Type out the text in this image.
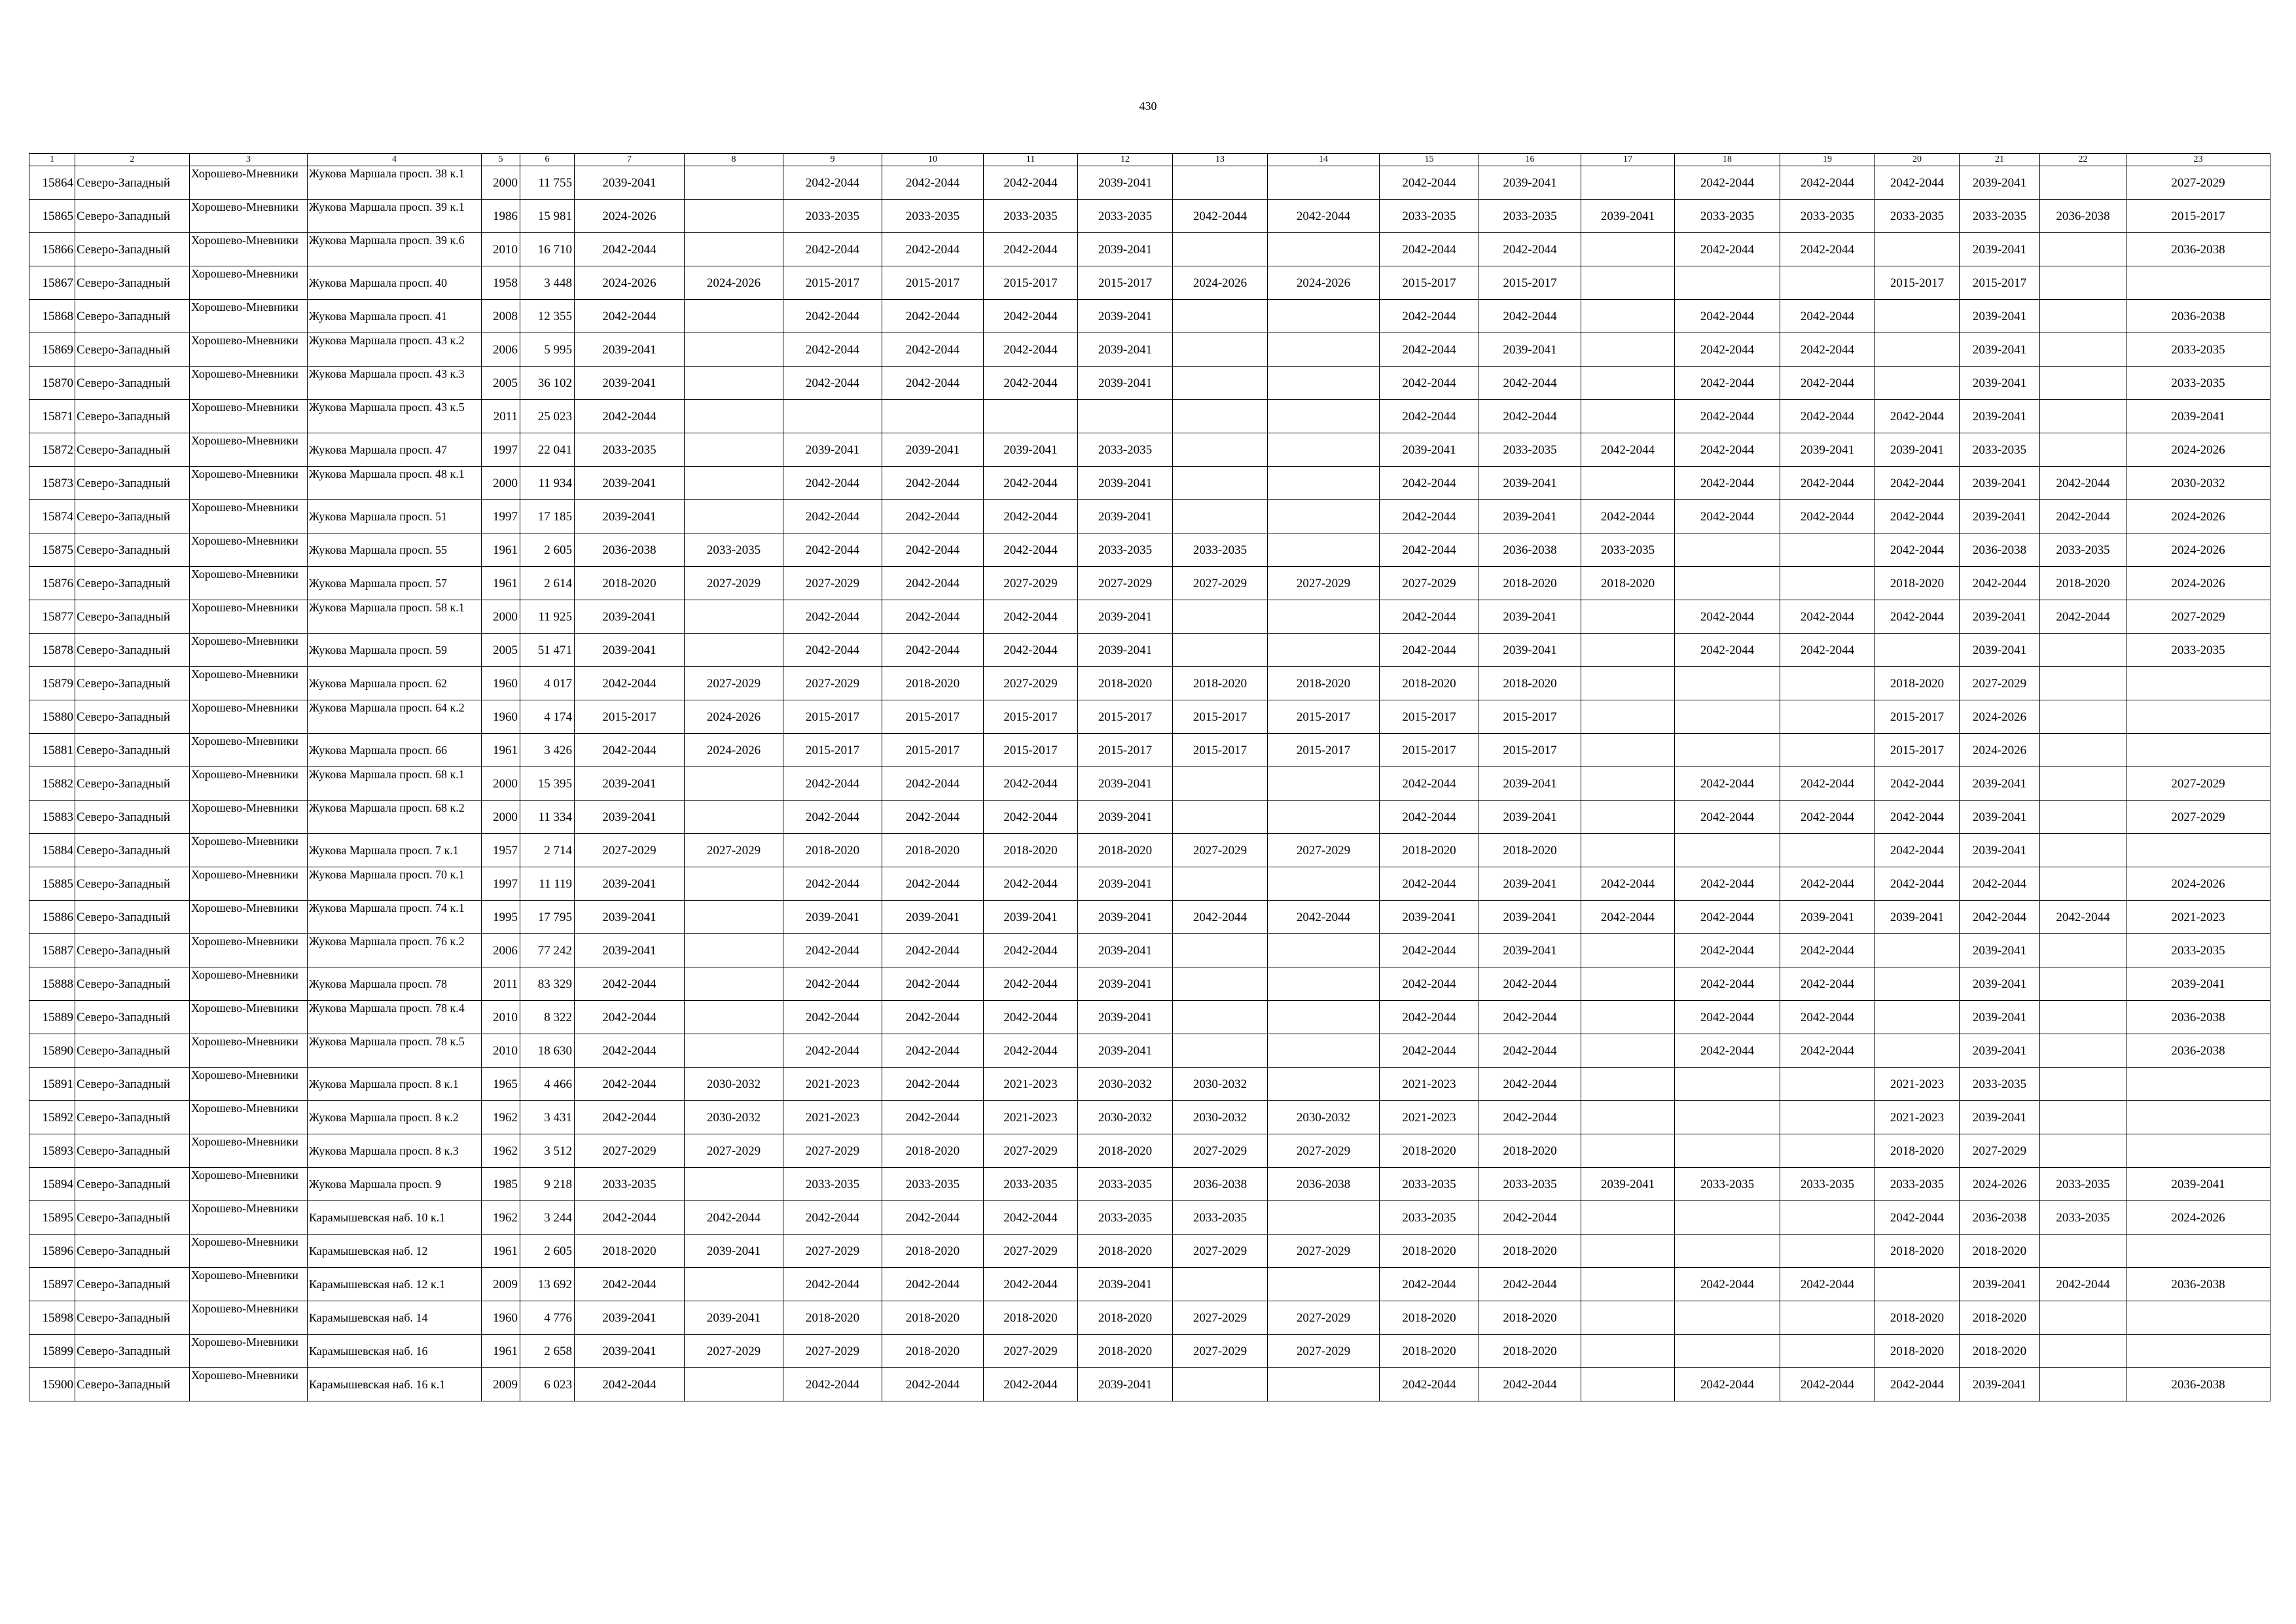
430
1	2	3	4	5	6	7	8	9	10	11	12	13	14	15	16	17	18	19	20	21	22	23
15864	Северо-Западный	Хорошево-Мневники	Жукова Маршала просп. 38 к.1	2000	11 755	2039-2041		2042-2044	2042-2044	2042-2044	2039-2041			2042-2044	2039-2041		2042-2044	2042-2044	2042-2044	2039-2041		2027-2029
15865	Северо-Западный	Хорошево-Мневники	Жукова Маршала просп. 39 к.1	1986	15 981	2024-2026		2033-2035	2033-2035	2033-2035	2033-2035	2042-2044	2042-2044	2033-2035	2033-2035	2039-2041	2033-2035	2033-2035	2033-2035	2033-2035	2036-2038	2015-2017
15866	Северо-Западный	Хорошево-Мневники	Жукова Маршала просп. 39 к.6	2010	16 710	2042-2044		2042-2044	2042-2044	2042-2044	2039-2041			2042-2044	2042-2044		2042-2044	2042-2044		2039-2041		2036-2038
15867	Северо-Западный	Хорошево-Мневники	Жукова Маршала просп. 40	1958	3 448	2024-2026	2024-2026	2015-2017	2015-2017	2015-2017	2015-2017	2024-2026	2024-2026	2015-2017	2015-2017				2015-2017	2015-2017		
15868	Северо-Западный	Хорошево-Мневники	Жукова Маршала просп. 41	2008	12 355	2042-2044		2042-2044	2042-2044	2042-2044	2039-2041			2042-2044	2042-2044		2042-2044	2042-2044		2039-2041		2036-2038
15869	Северо-Западный	Хорошево-Мневники	Жукова Маршала просп. 43 к.2	2006	5 995	2039-2041		2042-2044	2042-2044	2042-2044	2039-2041			2042-2044	2039-2041		2042-2044	2042-2044		2039-2041		2033-2035
15870	Северо-Западный	Хорошево-Мневники	Жукова Маршала просп. 43 к.3	2005	36 102	2039-2041		2042-2044	2042-2044	2042-2044	2039-2041			2042-2044	2042-2044		2042-2044	2042-2044		2039-2041		2033-2035
15871	Северо-Западный	Хорошево-Мневники	Жукова Маршала просп. 43 к.5	2011	25 023	2042-2044								2042-2044	2042-2044		2042-2044	2042-2044	2042-2044	2039-2041		2039-2041
15872	Северо-Западный	Хорошево-Мневники	Жукова Маршала просп. 47	1997	22 041	2033-2035		2039-2041	2039-2041	2039-2041	2033-2035			2039-2041	2033-2035	2042-2044	2042-2044	2039-2041	2039-2041	2033-2035		2024-2026
15873	Северо-Западный	Хорошево-Мневники	Жукова Маршала просп. 48 к.1	2000	11 934	2039-2041		2042-2044	2042-2044	2042-2044	2039-2041			2042-2044	2039-2041		2042-2044	2042-2044	2042-2044	2039-2041	2042-2044	2030-2032
15874	Северо-Западный	Хорошево-Мневники	Жукова Маршала просп. 51	1997	17 185	2039-2041		2042-2044	2042-2044	2042-2044	2039-2041			2042-2044	2039-2041	2042-2044	2042-2044	2042-2044	2042-2044	2039-2041	2042-2044	2024-2026
15875	Северо-Западный	Хорошево-Мневники	Жукова Маршала просп. 55	1961	2 605	2036-2038	2033-2035	2042-2044	2042-2044	2042-2044	2033-2035	2033-2035		2042-2044	2036-2038	2033-2035			2042-2044	2036-2038	2033-2035	2024-2026
15876	Северо-Западный	Хорошево-Мневники	Жукова Маршала просп. 57	1961	2 614	2018-2020	2027-2029	2027-2029	2042-2044	2027-2029	2027-2029	2027-2029	2027-2029	2027-2029	2018-2020	2018-2020			2018-2020	2042-2044	2018-2020	2024-2026
15877	Северо-Западный	Хорошево-Мневники	Жукова Маршала просп. 58 к.1	2000	11 925	2039-2041		2042-2044	2042-2044	2042-2044	2039-2041			2042-2044	2039-2041		2042-2044	2042-2044	2042-2044	2039-2041	2042-2044	2027-2029
15878	Северо-Западный	Хорошево-Мневники	Жукова Маршала просп. 59	2005	51 471	2039-2041		2042-2044	2042-2044	2042-2044	2039-2041			2042-2044	2039-2041		2042-2044	2042-2044		2039-2041		2033-2035
15879	Северо-Западный	Хорошево-Мневники	Жукова Маршала просп. 62	1960	4 017	2042-2044	2027-2029	2027-2029	2018-2020	2027-2029	2018-2020	2018-2020	2018-2020	2018-2020	2018-2020				2018-2020	2027-2029		
15880	Северо-Западный	Хорошево-Мневники	Жукова Маршала просп. 64 к.2	1960	4 174	2015-2017	2024-2026	2015-2017	2015-2017	2015-2017	2015-2017	2015-2017	2015-2017	2015-2017	2015-2017				2015-2017	2024-2026		
15881	Северо-Западный	Хорошево-Мневники	Жукова Маршала просп. 66	1961	3 426	2042-2044	2024-2026	2015-2017	2015-2017	2015-2017	2015-2017	2015-2017	2015-2017	2015-2017	2015-2017				2015-2017	2024-2026		
15882	Северо-Западный	Хорошево-Мневники	Жукова Маршала просп. 68 к.1	2000	15 395	2039-2041		2042-2044	2042-2044	2042-2044	2039-2041			2042-2044	2039-2041		2042-2044	2042-2044	2042-2044	2039-2041		2027-2029
15883	Северо-Западный	Хорошево-Мневники	Жукова Маршала просп. 68 к.2	2000	11 334	2039-2041		2042-2044	2042-2044	2042-2044	2039-2041			2042-2044	2039-2041		2042-2044	2042-2044	2042-2044	2039-2041		2027-2029
15884	Северо-Западный	Хорошево-Мневники	Жукова Маршала просп. 7 к.1	1957	2 714	2027-2029	2027-2029	2018-2020	2018-2020	2018-2020	2018-2020	2027-2029	2027-2029	2018-2020	2018-2020				2042-2044	2039-2041		
15885	Северо-Западный	Хорошево-Мневники	Жукова Маршала просп. 70 к.1	1997	11 119	2039-2041		2042-2044	2042-2044	2042-2044	2039-2041			2042-2044	2039-2041	2042-2044	2042-2044	2042-2044	2042-2044	2042-2044		2024-2026
15886	Северо-Западный	Хорошево-Мневники	Жукова Маршала просп. 74 к.1	1995	17 795	2039-2041		2039-2041	2039-2041	2039-2041	2039-2041	2042-2044	2042-2044	2039-2041	2039-2041	2042-2044	2042-2044	2039-2041	2039-2041	2042-2044	2042-2044	2021-2023
15887	Северо-Западный	Хорошево-Мневники	Жукова Маршала просп. 76 к.2	2006	77 242	2039-2041		2042-2044	2042-2044	2042-2044	2039-2041			2042-2044	2039-2041		2042-2044	2042-2044		2039-2041		2033-2035
15888	Северо-Западный	Хорошево-Мневники	Жукова Маршала просп. 78	2011	83 329	2042-2044		2042-2044	2042-2044	2042-2044	2039-2041			2042-2044	2042-2044		2042-2044	2042-2044		2039-2041		2039-2041
15889	Северо-Западный	Хорошево-Мневники	Жукова Маршала просп. 78 к.4	2010	8 322	2042-2044		2042-2044	2042-2044	2042-2044	2039-2041			2042-2044	2042-2044		2042-2044	2042-2044		2039-2041		2036-2038
15890	Северо-Западный	Хорошево-Мневники	Жукова Маршала просп. 78 к.5	2010	18 630	2042-2044		2042-2044	2042-2044	2042-2044	2039-2041			2042-2044	2042-2044		2042-2044	2042-2044		2039-2041		2036-2038
15891	Северо-Западный	Хорошево-Мневники	Жукова Маршала просп. 8 к.1	1965	4 466	2042-2044	2030-2032	2021-2023	2042-2044	2021-2023	2030-2032	2030-2032		2021-2023	2042-2044				2021-2023	2033-2035		
15892	Северо-Западный	Хорошево-Мневники	Жукова Маршала просп. 8 к.2	1962	3 431	2042-2044	2030-2032	2021-2023	2042-2044	2021-2023	2030-2032	2030-2032	2030-2032	2021-2023	2042-2044				2021-2023	2039-2041		
15893	Северо-Западный	Хорошево-Мневники	Жукова Маршала просп. 8 к.3	1962	3 512	2027-2029	2027-2029	2027-2029	2018-2020	2027-2029	2018-2020	2027-2029	2027-2029	2018-2020	2018-2020				2018-2020	2027-2029		
15894	Северо-Западный	Хорошево-Мневники	Жукова Маршала просп. 9	1985	9 218	2033-2035		2033-2035	2033-2035	2033-2035	2033-2035	2036-2038	2036-2038	2033-2035	2033-2035	2039-2041	2033-2035	2033-2035	2033-2035	2024-2026	2033-2035	2039-2041
15895	Северо-Западный	Хорошево-Мневники	Карамышевская наб. 10 к.1	1962	3 244	2042-2044	2042-2044	2042-2044	2042-2044	2042-2044	2033-2035	2033-2035		2033-2035	2042-2044				2042-2044	2036-2038	2033-2035	2024-2026
15896	Северо-Западный	Хорошево-Мневники	Карамышевская наб. 12	1961	2 605	2018-2020	2039-2041	2027-2029	2018-2020	2027-2029	2018-2020	2027-2029	2027-2029	2018-2020	2018-2020				2018-2020	2018-2020		
15897	Северо-Западный	Хорошево-Мневники	Карамышевская наб. 12 к.1	2009	13 692	2042-2044		2042-2044	2042-2044	2042-2044	2039-2041			2042-2044	2042-2044		2042-2044	2042-2044		2039-2041	2042-2044	2036-2038
15898	Северо-Западный	Хорошево-Мневники	Карамышевская наб. 14	1960	4 776	2039-2041	2039-2041	2018-2020	2018-2020	2018-2020	2018-2020	2027-2029	2027-2029	2018-2020	2018-2020				2018-2020	2018-2020		
15899	Северо-Западный	Хорошево-Мневники	Карамышевская наб. 16	1961	2 658	2039-2041	2027-2029	2027-2029	2018-2020	2027-2029	2018-2020	2027-2029	2027-2029	2018-2020	2018-2020				2018-2020	2018-2020		
15900	Северо-Западный	Хорошево-Мневники	Карамышевская наб. 16 к.1	2009	6 023	2042-2044		2042-2044	2042-2044	2042-2044	2039-2041			2042-2044	2042-2044		2042-2044	2042-2044	2042-2044	2039-2041		2036-2038
